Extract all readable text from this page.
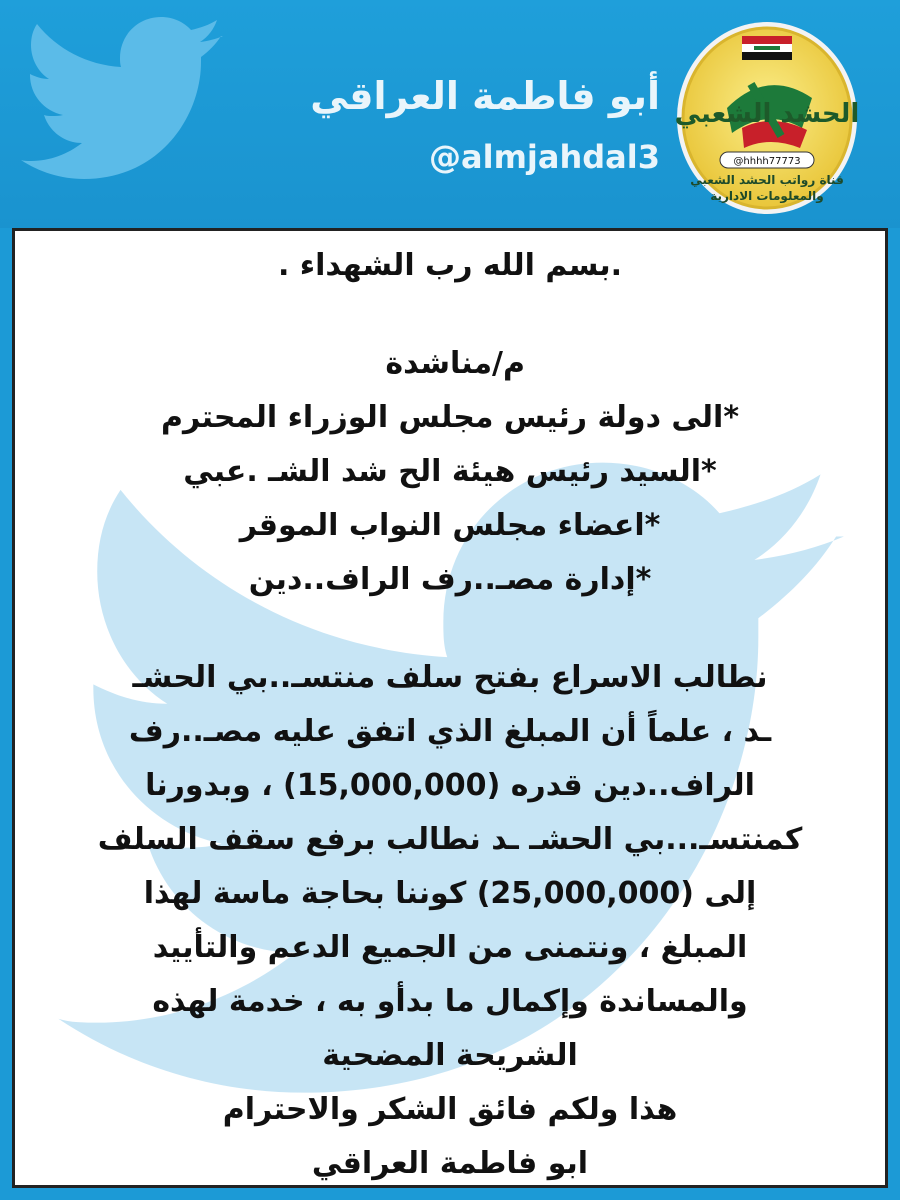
أبو فاطمة العراقي
@almjahdal3
الحشد الشعبي
@hhhh77773
قناة رواتب الحشد الشعبي
والمعلومات الادارية
.بسم الله رب الشهداء .
م/مناشدة
*الى دولة رئيس مجلس الوزراء المحترم
*السيد رئيس هيئة الح شد الشـ .عبي
*اعضاء مجلس النواب الموقر
*إدارة مصـ..رف الراف..دين
نطالب الاسراع بفتح سلف منتسـ..بي الحشـ
ـد ، علماً أن المبلغ الذي اتفق عليه مصـ..رف
الراف..دين قدره (15,000,000) ، وبدورنا
كمنتسـ...بي الحشـ ـد نطالب برفع سقف السلف
إلى (25,000,000) كوننا بحاجة ماسة لهذا
المبلغ ، ونتمنى من الجميع الدعم والتأييد
والمساندة وإكمال ما بدأو به ، خدمة لهذه
الشريحة المضحية
هذا ولكم فائق الشكر والاحترام
ابو فاطمة العراقي
